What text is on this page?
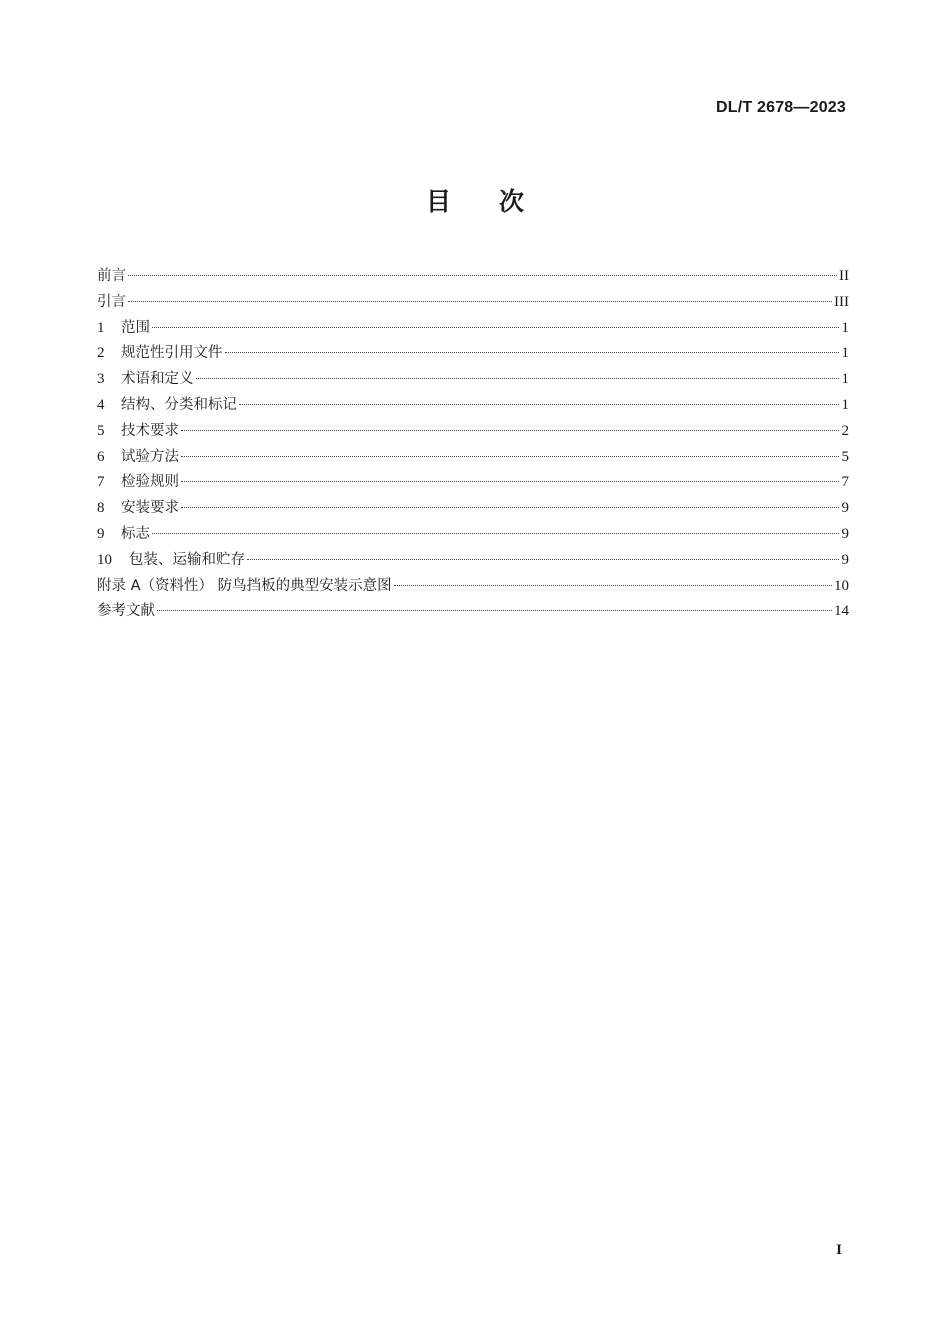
DL/T 2678—2023
目次
前言	II
引言	III
1	范围	1
2	规范性引用文件	1
3	术语和定义	1
4	结构、分类和标记	1
5	技术要求	2
6	试验方法	5
7	检验规则	7
8	安装要求	9
9	标志	9
10	包装、运输和贮存	9
附录 A（资料性） 防鸟挡板的典型安装示意图	10
参考文献	14
I
